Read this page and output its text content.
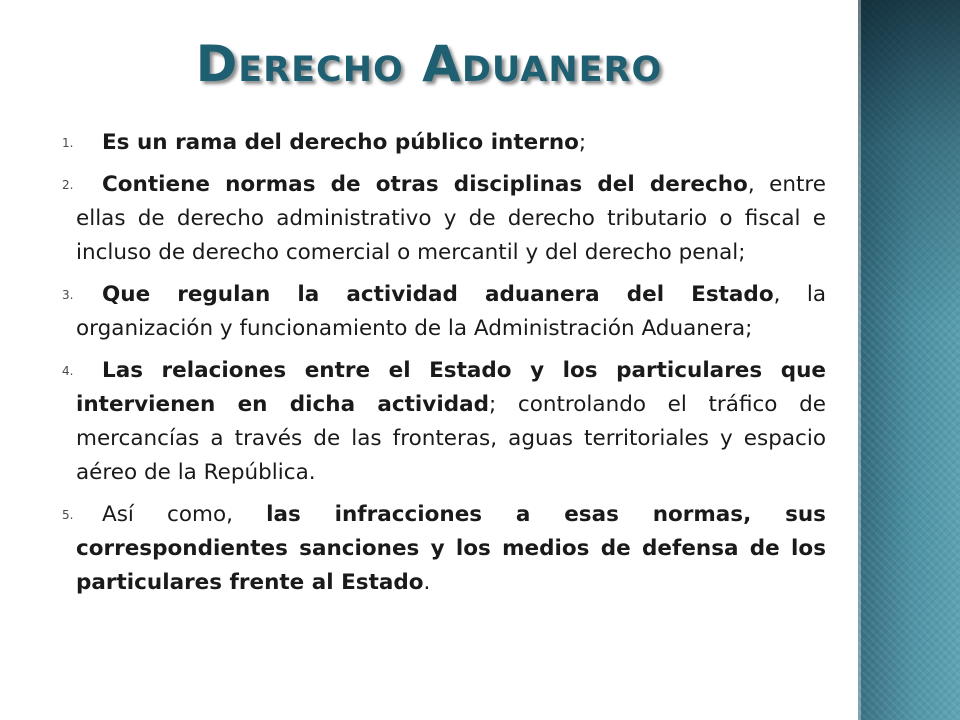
Derecho Aduanero
1. Es un rama del derecho público interno;
2. Contiene normas de otras disciplinas del derecho, entre ellas de derecho administrativo y de derecho tributario o fiscal e incluso de derecho comercial o mercantil y del derecho penal;
3. Que regulan la actividad aduanera del Estado, la organización y funcionamiento de la Administración Aduanera;
4. Las relaciones entre el Estado y los particulares que intervienen en dicha actividad; controlando el tráfico de mercancías a través de las fronteras, aguas territoriales y espacio aéreo de la República.
5. Así como, las infracciones a esas normas, sus correspondientes sanciones y los medios de defensa de los particulares frente al Estado.
